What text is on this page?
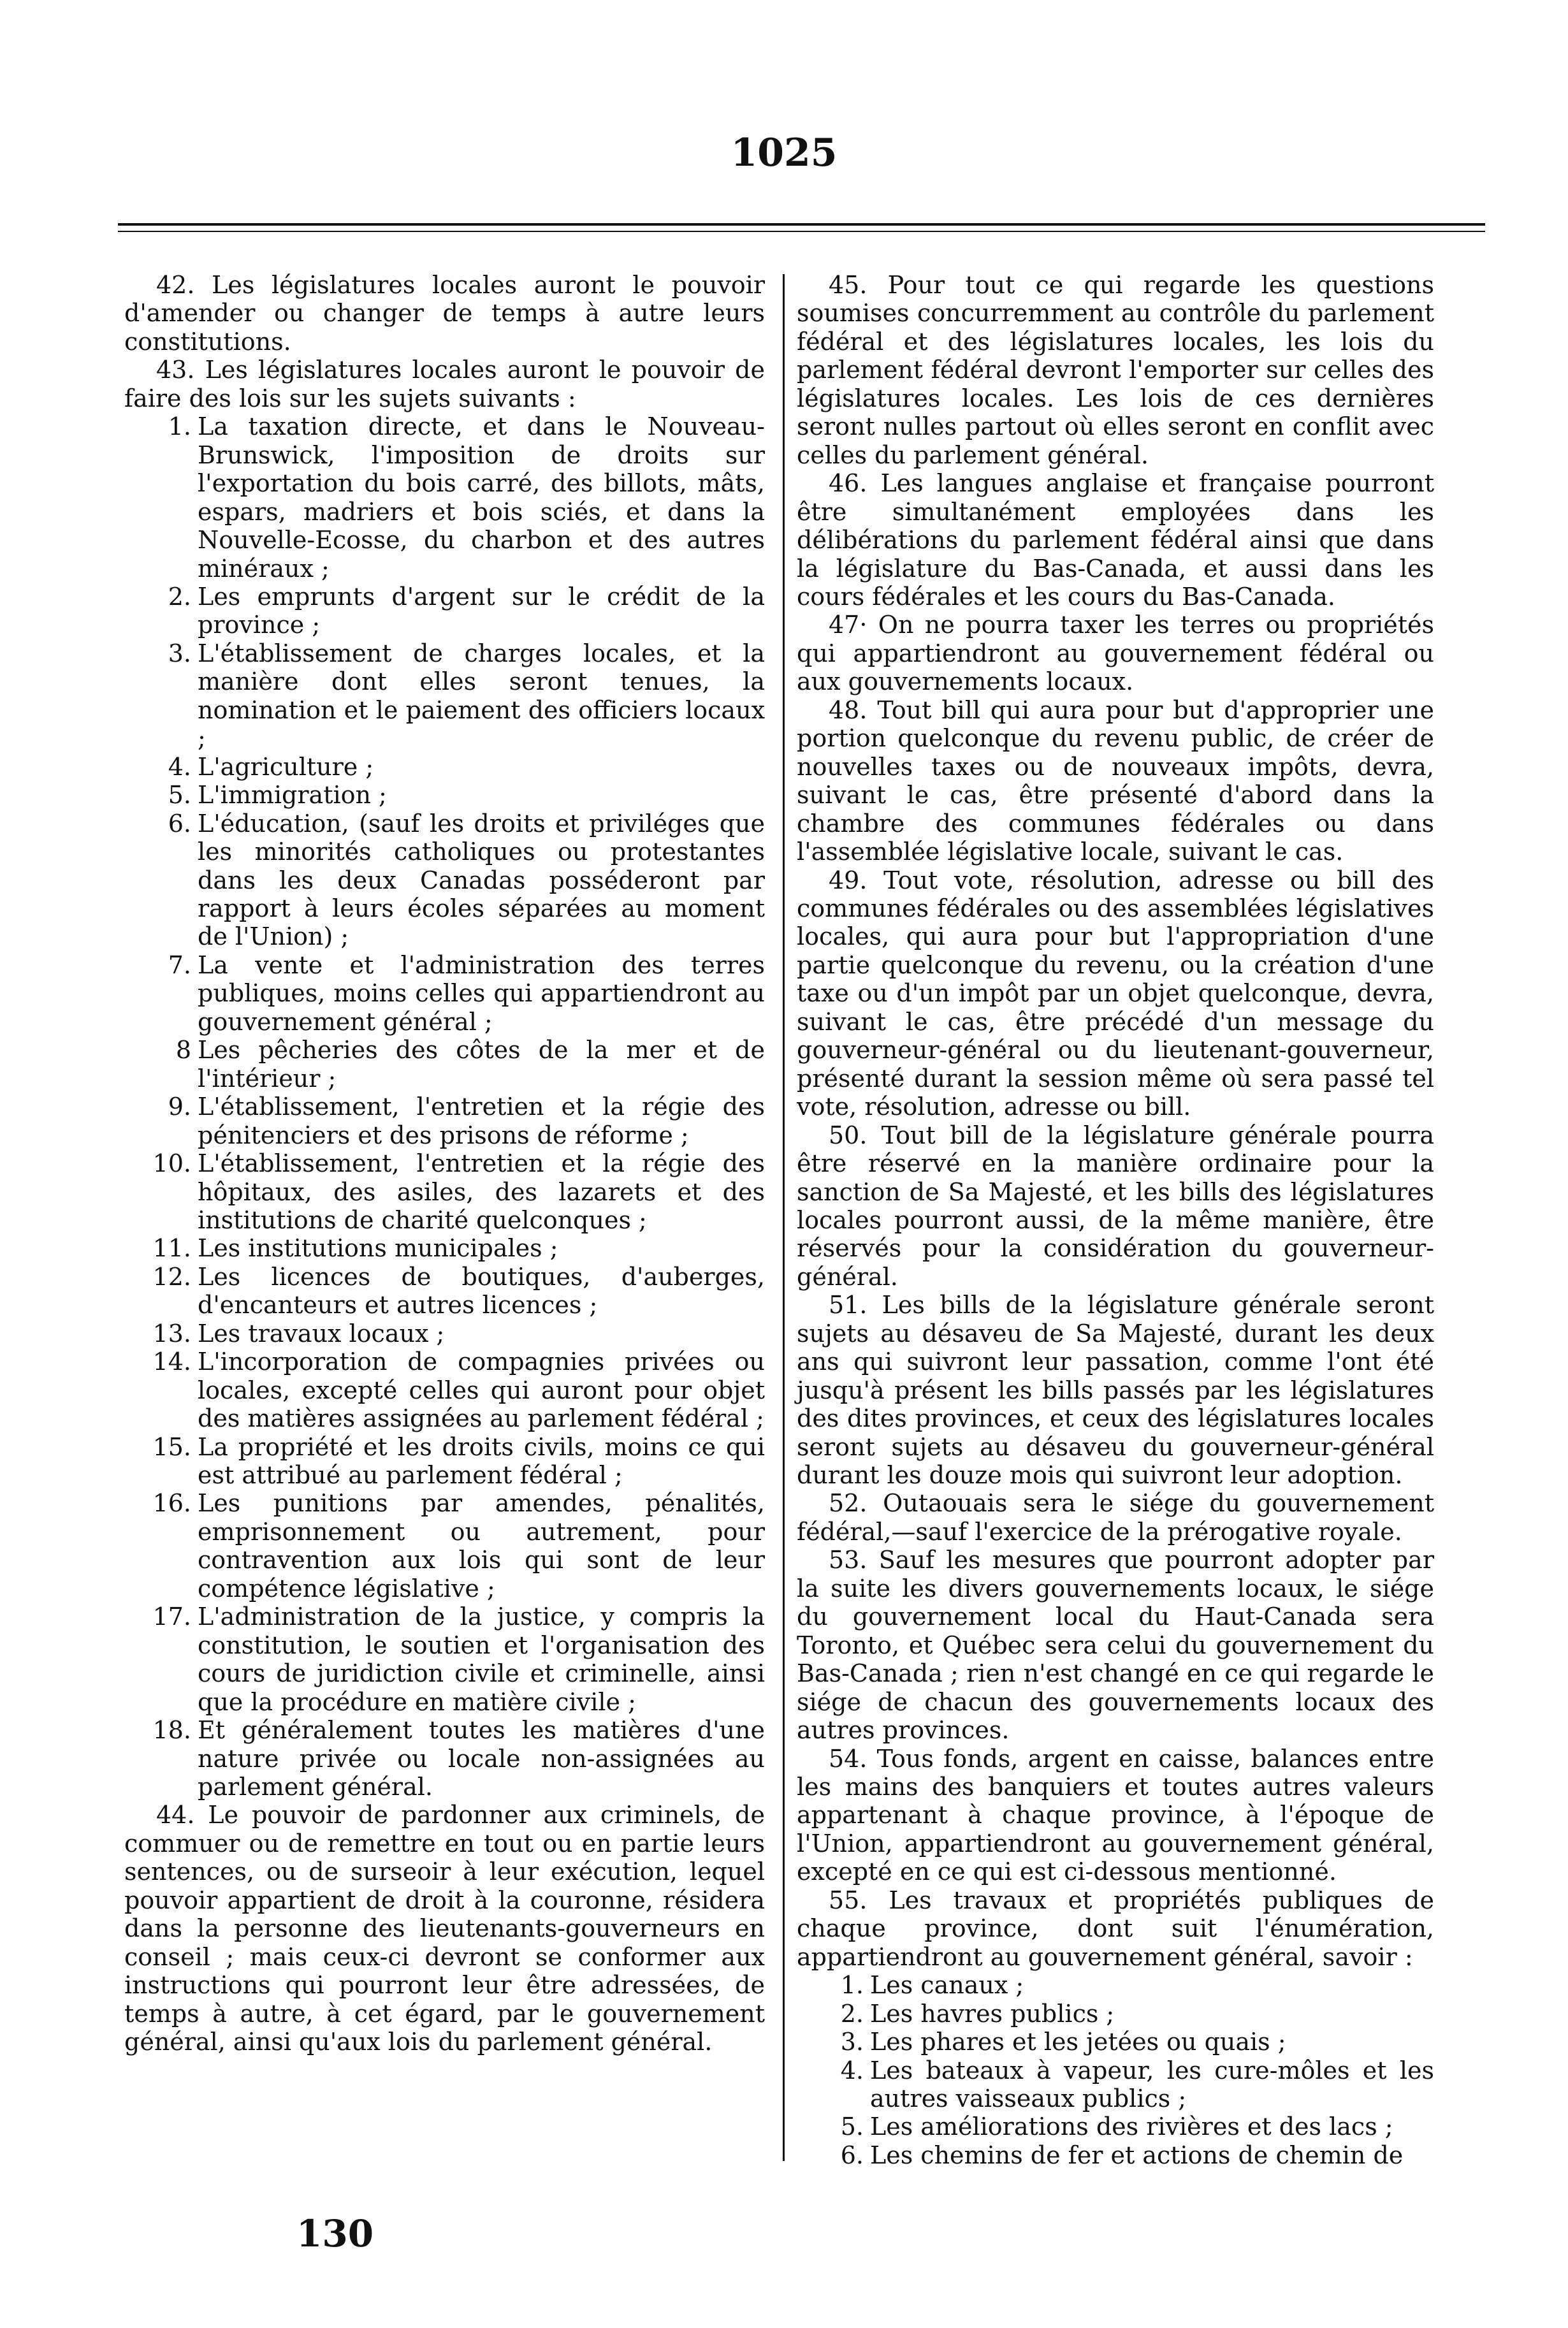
1025

42. Les législatures locales auront le pouvoir d'amender ou changer de temps à autre leurs constitutions.

43. Les législatures locales auront le pouvoir de faire des lois sur les sujets suivants :

1. La taxation directe, et dans le Nouveau-Brunswick, l'imposition de droits sur l'exportation du bois carré, des billots, mâts, espars, madriers et bois sciés, et dans la Nouvelle-Ecosse, du charbon et des autres minéraux ;
2. Les emprunts d'argent sur le crédit de la province ;
3. L'établissement de charges locales, et la manière dont elles seront tenues, la nomination et le paiement des officiers locaux ;
4. L'agriculture ;
5. L'immigration ;
6. L'éducation, (sauf les droits et priviléges que les minorités catholiques ou protestantes dans les deux Canadas posséderont par rapport à leurs écoles séparées au moment de l'Union) ;
7. La vente et l'administration des terres publiques, moins celles qui appartiendront au gouvernement général ;
8 Les pêcheries des côtes de la mer et de l'intérieur ;
9. L'établissement, l'entretien et la régie des pénitenciers et des prisons de réforme ;
10. L'établissement, l'entretien et la régie des hôpitaux, des asiles, des lazarets et des institutions de charité quelconques ;
11. Les institutions municipales ;
12. Les licences de boutiques, d'auberges, d'encanteurs et autres licences ;
13. Les travaux locaux ;
14. L'incorporation de compagnies privées ou locales, excepté celles qui auront pour objet des matières assignées au parlement fédéral ;
15. La propriété et les droits civils, moins ce qui est attribué au parlement fédéral ;
16. Les punitions par amendes, pénalités, emprisonnement ou autrement, pour contravention aux lois qui sont de leur compétence législative ;
17. L'administration de la justice, y compris la constitution, le soutien et l'organisation des cours de juridiction civile et criminelle, ainsi que la procédure en matière civile ;
18. Et généralement toutes les matières d'une nature privée ou locale non-assignées au parlement général.

44. Le pouvoir de pardonner aux criminels, de commuer ou de remettre en tout ou en partie leurs sentences, ou de surseoir à leur exécution, lequel pouvoir appartient de droit à la couronne, résidera dans la personne des lieutenants-gouverneurs en conseil ; mais ceux-ci devront se conformer aux instructions qui pourront leur être adressées, de temps à autre, à cet égard, par le gouvernement général, ainsi qu'aux lois du parlement général.

45. Pour tout ce qui regarde les questions soumises concurremment au contrôle du parlement fédéral et des législatures locales, les lois du parlement fédéral devront l'emporter sur celles des législatures locales. Les lois de ces dernières seront nulles partout où elles seront en conflit avec celles du parlement général.

46. Les langues anglaise et française pourront être simultanément employées dans les délibérations du parlement fédéral ainsi que dans la législature du Bas-Canada, et aussi dans les cours fédérales et les cours du Bas-Canada.

47· On ne pourra taxer les terres ou propriétés qui appartiendront au gouvernement fédéral ou aux gouvernements locaux.

48. Tout bill qui aura pour but d'approprier une portion quelconque du revenu public, de créer de nouvelles taxes ou de nouveaux impôts, devra, suivant le cas, être présenté d'abord dans la chambre des communes fédérales ou dans l'assemblée législative locale, suivant le cas.

49. Tout vote, résolution, adresse ou bill des communes fédérales ou des assemblées législatives locales, qui aura pour but l'appropriation d'une partie quelconque du revenu, ou la création d'une taxe ou d'un impôt par un objet quelconque, devra, suivant le cas, être précédé d'un message du gouverneur-général ou du lieutenant-gouverneur, présenté durant la session même où sera passé tel vote, résolution, adresse ou bill.

50. Tout bill de la législature générale pourra être réservé en la manière ordinaire pour la sanction de Sa Majesté, et les bills des législatures locales pourront aussi, de la même manière, être réservés pour la considération du gouverneur-général.

51. Les bills de la législature générale seront sujets au désaveu de Sa Majesté, durant les deux ans qui suivront leur passation, comme l'ont été jusqu'à présent les bills passés par les législatures des dites provinces, et ceux des législatures locales seront sujets au désaveu du gouverneur-général durant les douze mois qui suivront leur adoption.

52. Outaouais sera le siége du gouvernement fédéral,—sauf l'exercice de la prérogative royale.

53. Sauf les mesures que pourront adopter par la suite les divers gouvernements locaux, le siége du gouvernement local du Haut-Canada sera Toronto, et Québec sera celui du gouvernement du Bas-Canada ; rien n'est changé en ce qui regarde le siége de chacun des gouvernements locaux des autres provinces.

54. Tous fonds, argent en caisse, balances entre les mains des banquiers et toutes autres valeurs appartenant à chaque province, à l'époque de l'Union, appartiendront au gouvernement général, excepté en ce qui est ci-dessous mentionné.

55. Les travaux et propriétés publiques de chaque province, dont suit l'énumération, appartiendront au gouvernement général, savoir :

1. Les canaux ;
2. Les havres publics ;
3. Les phares et les jetées ou quais ;
4. Les bateaux à vapeur, les cure-môles et les autres vaisseaux publics ;
5. Les améliorations des rivières et des lacs ;
6. Les chemins de fer et actions de chemin de
130
